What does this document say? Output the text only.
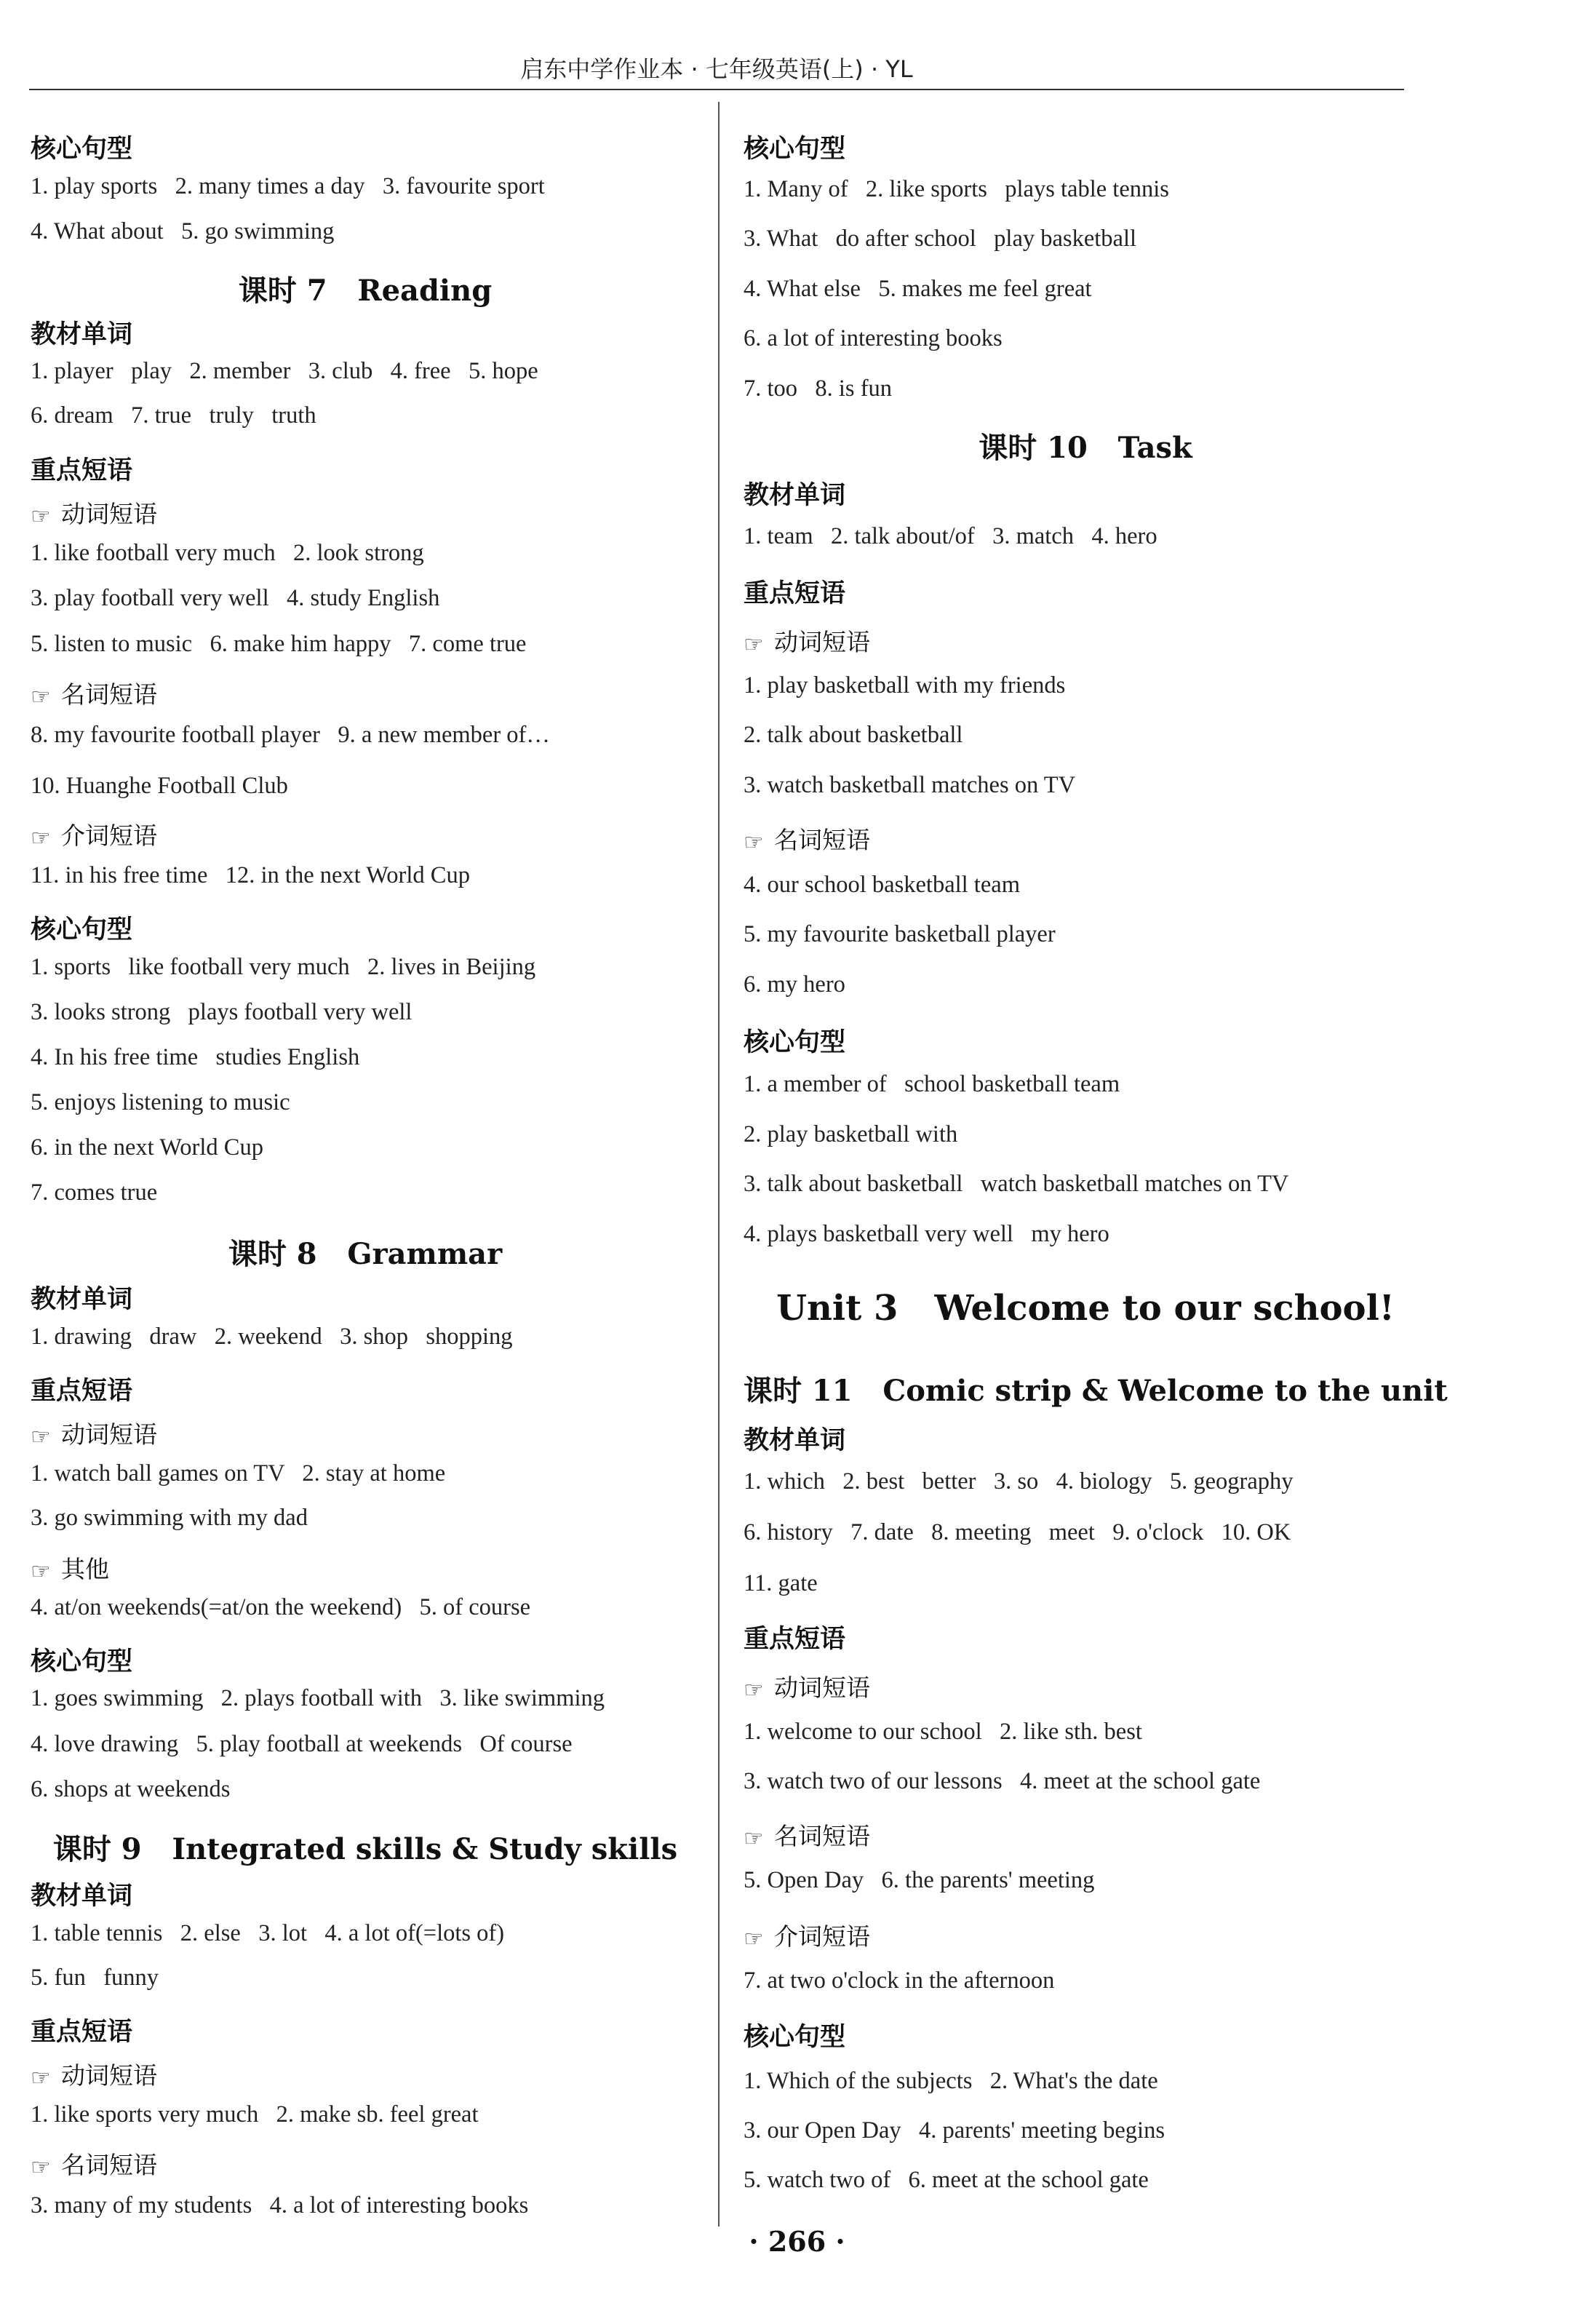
启东中学作业本 · 七年级英语(上) · YL
核心句型
1. play sports   2. many times a day   3. favourite sport
4. What about   5. go swimming
课时 7   Reading
教材单词
1. player   play   2. member   3. club   4. free   5. hope
6. dream   7. true   truly   truth
重点短语
☞ 动词短语
1. like football very much   2. look strong
3. play football very well   4. study English
5. listen to music   6. make him happy   7. come true
☞ 名词短语
8. my favourite football player   9. a new member of…
10. Huanghe Football Club
☞ 介词短语
11. in his free time   12. in the next World Cup
核心句型
1. sports   like football very much   2. lives in Beijing
3. looks strong   plays football very well
4. In his free time   studies English
5. enjoys listening to music
6. in the next World Cup
7. comes true
课时 8   Grammar
教材单词
1. drawing   draw   2. weekend   3. shop   shopping
重点短语
☞ 动词短语
1. watch ball games on TV   2. stay at home
3. go swimming with my dad
☞ 其他
4. at/on weekends(=at/on the weekend)   5. of course
核心句型
1. goes swimming   2. plays football with   3. like swimming
4. love drawing   5. play football at weekends   Of course
6. shops at weekends
课时 9   Integrated skills & Study skills
教材单词
1. table tennis   2. else   3. lot   4. a lot of(=lots of)
5. fun   funny
重点短语
☞ 动词短语
1. like sports very much   2. make sb. feel great
☞ 名词短语
3. many of my students   4. a lot of interesting books
核心句型
1. Many of   2. like sports   plays table tennis
3. What   do after school   play basketball
4. What else   5. makes me feel great
6. a lot of interesting books
7. too   8. is fun
课时 10   Task
教材单词
1. team   2. talk about/of   3. match   4. hero
重点短语
☞ 动词短语
1. play basketball with my friends
2. talk about basketball
3. watch basketball matches on TV
☞ 名词短语
4. our school basketball team
5. my favourite basketball player
6. my hero
核心句型
1. a member of   school basketball team
2. play basketball with
3. talk about basketball   watch basketball matches on TV
4. plays basketball very well   my hero
Unit 3   Welcome to our school!
课时 11   Comic strip & Welcome to the unit
教材单词
1. which   2. best   better   3. so   4. biology   5. geography
6. history   7. date   8. meeting   meet   9. o'clock   10. OK
11. gate
重点短语
☞ 动词短语
1. welcome to our school   2. like sth. best
3. watch two of our lessons   4. meet at the school gate
☞ 名词短语
5. Open Day   6. the parents' meeting
☞ 介词短语
7. at two o'clock in the afternoon
核心句型
1. Which of the subjects   2. What's the date
3. our Open Day   4. parents' meeting begins
5. watch two of   6. meet at the school gate
· 266 ·
